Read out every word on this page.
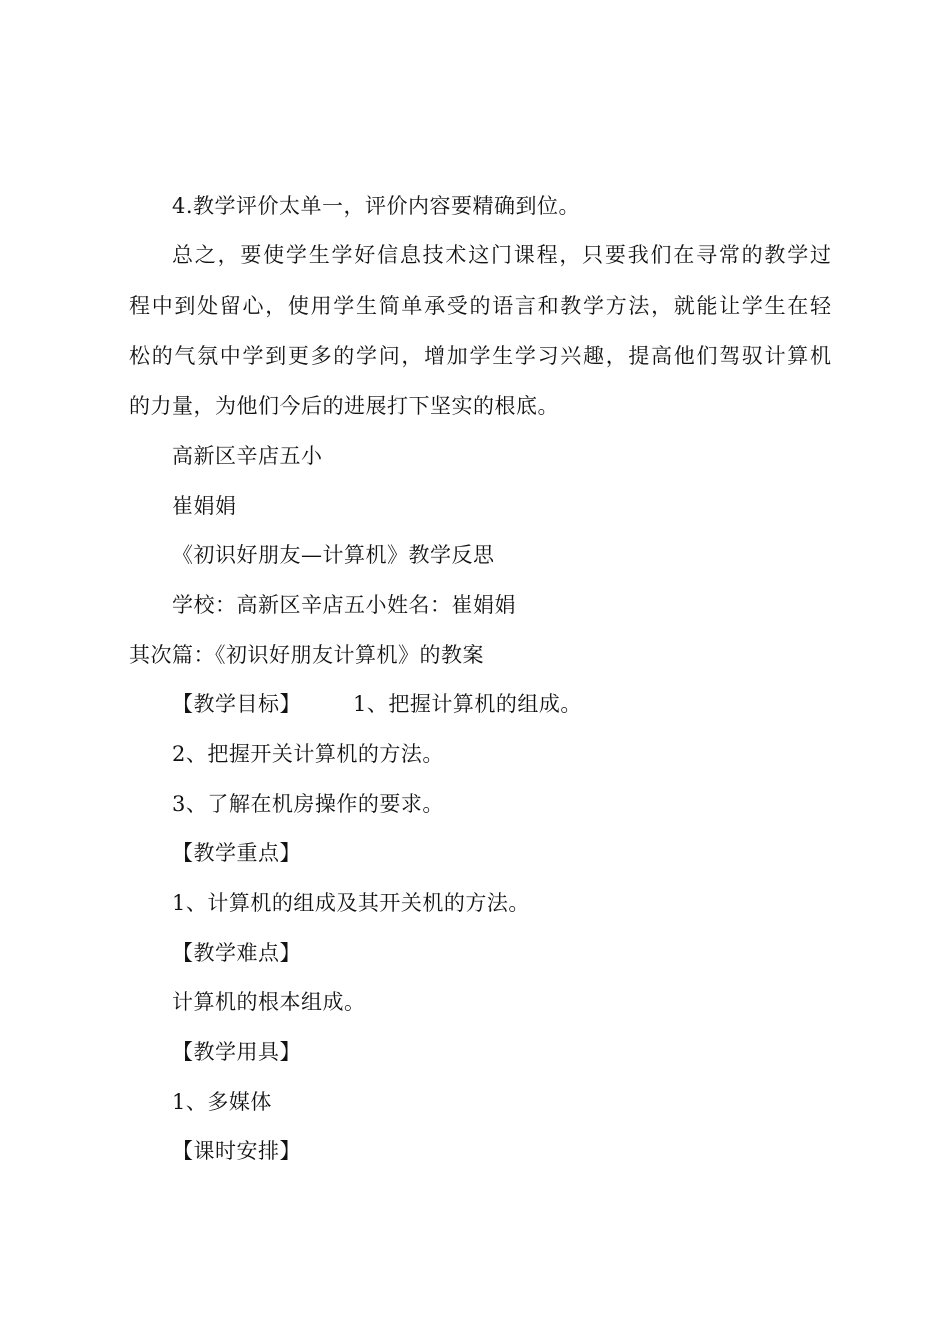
4.教学评价太单一，评价内容要精确到位。
总之，要使学生学好信息技术这门课程，只要我们在寻常的教学过
程中到处留心，使用学生简单承受的语言和教学方法，就能让学生在轻
松的气氛中学到更多的学问，增加学生学习兴趣，提高他们驾驭计算机
的力量，为他们今后的进展打下坚实的根底。
高新区辛店五小
崔娟娟
《初识好朋友—计算机》教学反思
学校：高新区辛店五小姓名：崔娟娟
其次篇：《初识好朋友计算机》的教案
【教学目标】 1、把握计算机的组成。
2、把握开关计算机的方法。
3、了解在机房操作的要求。
【教学重点】
1、计算机的组成及其开关机的方法。
【教学难点】
计算机的根本组成。
【教学用具】
1、多媒体
【课时安排】
